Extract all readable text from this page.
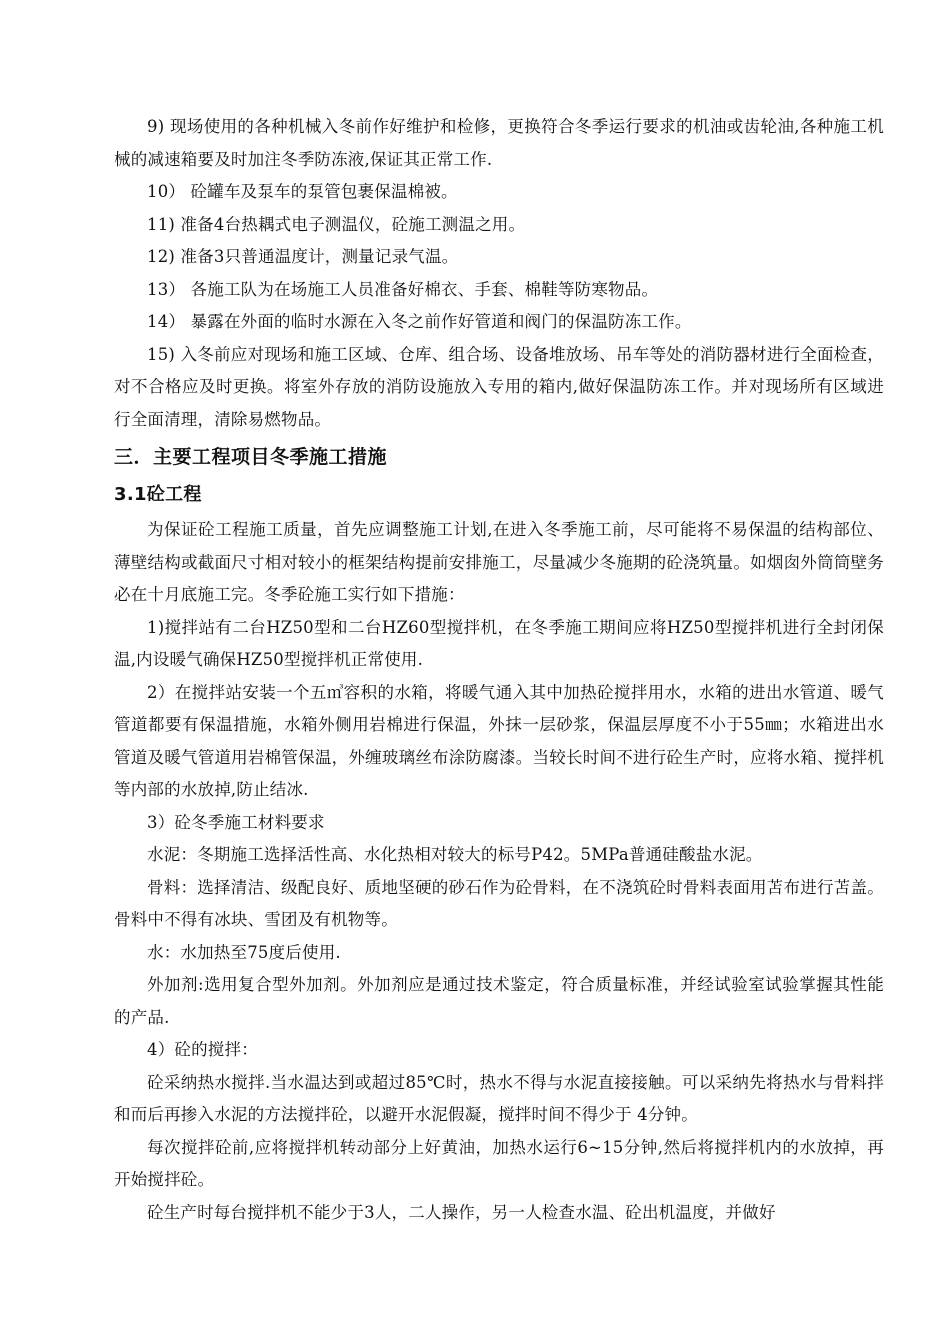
9) 现场使用的各种机械入冬前作好维护和检修，更换符合冬季运行要求的机油或齿轮油,各种施工机械的减速箱要及时加注冬季防冻液,保证其正常工作.

10） 砼罐车及泵车的泵管包裹保温棉被。

11) 准备4台热耦式电子测温仪，砼施工测温之用。

12) 准备3只普通温度计，测量记录气温。

13） 各施工队为在场施工人员准备好棉衣、手套、棉鞋等防寒物品。

14） 暴露在外面的临时水源在入冬之前作好管道和阀门的保温防冻工作。

15) 入冬前应对现场和施工区域、仓库、组合场、设备堆放场、吊车等处的消防器材进行全面检查，对不合格应及时更换。将室外存放的消防设施放入专用的箱内,做好保温防冻工作。并对现场所有区域进行全面清理，清除易燃物品。

三．主要工程项目冬季施工措施
3.1砼工程

为保证砼工程施工质量，首先应调整施工计划,在进入冬季施工前，尽可能将不易保温的结构部位、薄壁结构或截面尺寸相对较小的框架结构提前安排施工，尽量减少冬施期的砼浇筑量。如烟囱外筒筒壁务必在十月底施工完。冬季砼施工实行如下措施：

1)搅拌站有二台HZ50型和二台HZ60型搅拌机，在冬季施工期间应将HZ50型搅拌机进行全封闭保温,内设暖气确保HZ50型搅拌机正常使用.

2）在搅拌站安装一个五㎥容积的水箱，将暖气通入其中加热砼搅拌用水，水箱的进出水管道、暖气管道都要有保温措施，水箱外侧用岩棉进行保温，外抹一层砂浆，保温层厚度不小于55㎜；水箱进出水管道及暖气管道用岩棉管保温，外缠玻璃丝布涂防腐漆。当较长时间不进行砼生产时，应将水箱、搅拌机等内部的水放掉,防止结冰.

3）砼冬季施工材料要求

水泥：冬期施工选择活性高、水化热相对较大的标号P42。5MPa普通硅酸盐水泥。

骨料：选择清洁、级配良好、质地坚硬的砂石作为砼骨料，在不浇筑砼时骨料表面用苫布进行苫盖。骨料中不得有冰块、雪团及有机物等。

水：水加热至75度后使用.

外加剂:选用复合型外加剂。外加剂应是通过技术鉴定，符合质量标准，并经试验室试验掌握其性能的产品.

4）砼的搅拌：

砼采纳热水搅拌.当水温达到或超过85℃时，热水不得与水泥直接接触。可以采纳先将热水与骨料拌和而后再掺入水泥的方法搅拌砼，以避开水泥假凝，搅拌时间不得少于 4分钟。

每次搅拌砼前,应将搅拌机转动部分上好黄油，加热水运行6~15分钟,然后将搅拌机内的水放掉，再开始搅拌砼。

砼生产时每台搅拌机不能少于3人，二人操作，另一人检查水温、砼出机温度，并做好
